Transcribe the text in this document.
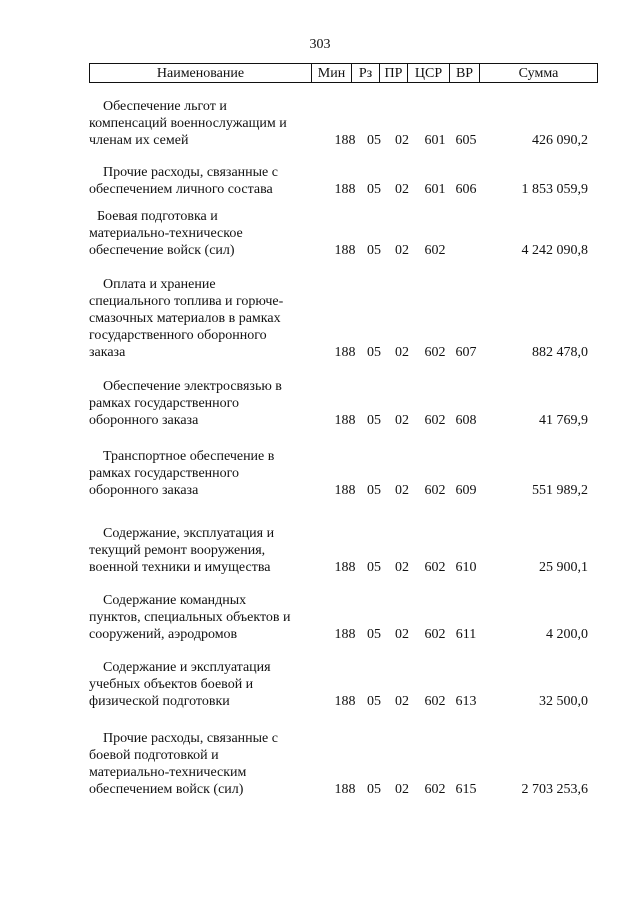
303
Наименование	Мин Рз ПР ЦСР ВР	Сумма
Обеспечение льгот и
компенсаций военнослужащим и
членам их семей	188 05	02	601 605	426 090,2
Прочие расходы, связанные с
обеспечением личного состава	188 05	02	601 606	1 853 059,9
Боевая подготовка и
материально-техническое
обеспечение войск (сил)	188 05	02	602	4 242 090,8
Оплата и хранение
специального топлива и горюче-
смазочных материалов в рамках
государственного оборонного
заказа	188 05	02	602 607	882 478,0
Обеспечение электросвязью в
рамках государственного
оборонного заказа	188 05	02	602 608	41 769,9
Транспортное обеспечение в
рамках государственного
оборонного заказа	188 05	02	602 609	551 989,2
Содержание, эксплуатация и
текущий ремонт вооружения,
военной техники и имущества	188 05	02	602 610	25 900,1
Содержание командных
пунктов, специальных объектов и
сооружений, аэродромов	188 05	02	602 611	4 200,0
Содержание и эксплуатация
учебных объектов боевой и
физической подготовки	188 05	02	602 613	32 500,0
Прочие расходы, связанные с
боевой подготовкой и
материально-техническим
обеспечением войск (сил)	188 05	02	602 615	2 703 253,6
